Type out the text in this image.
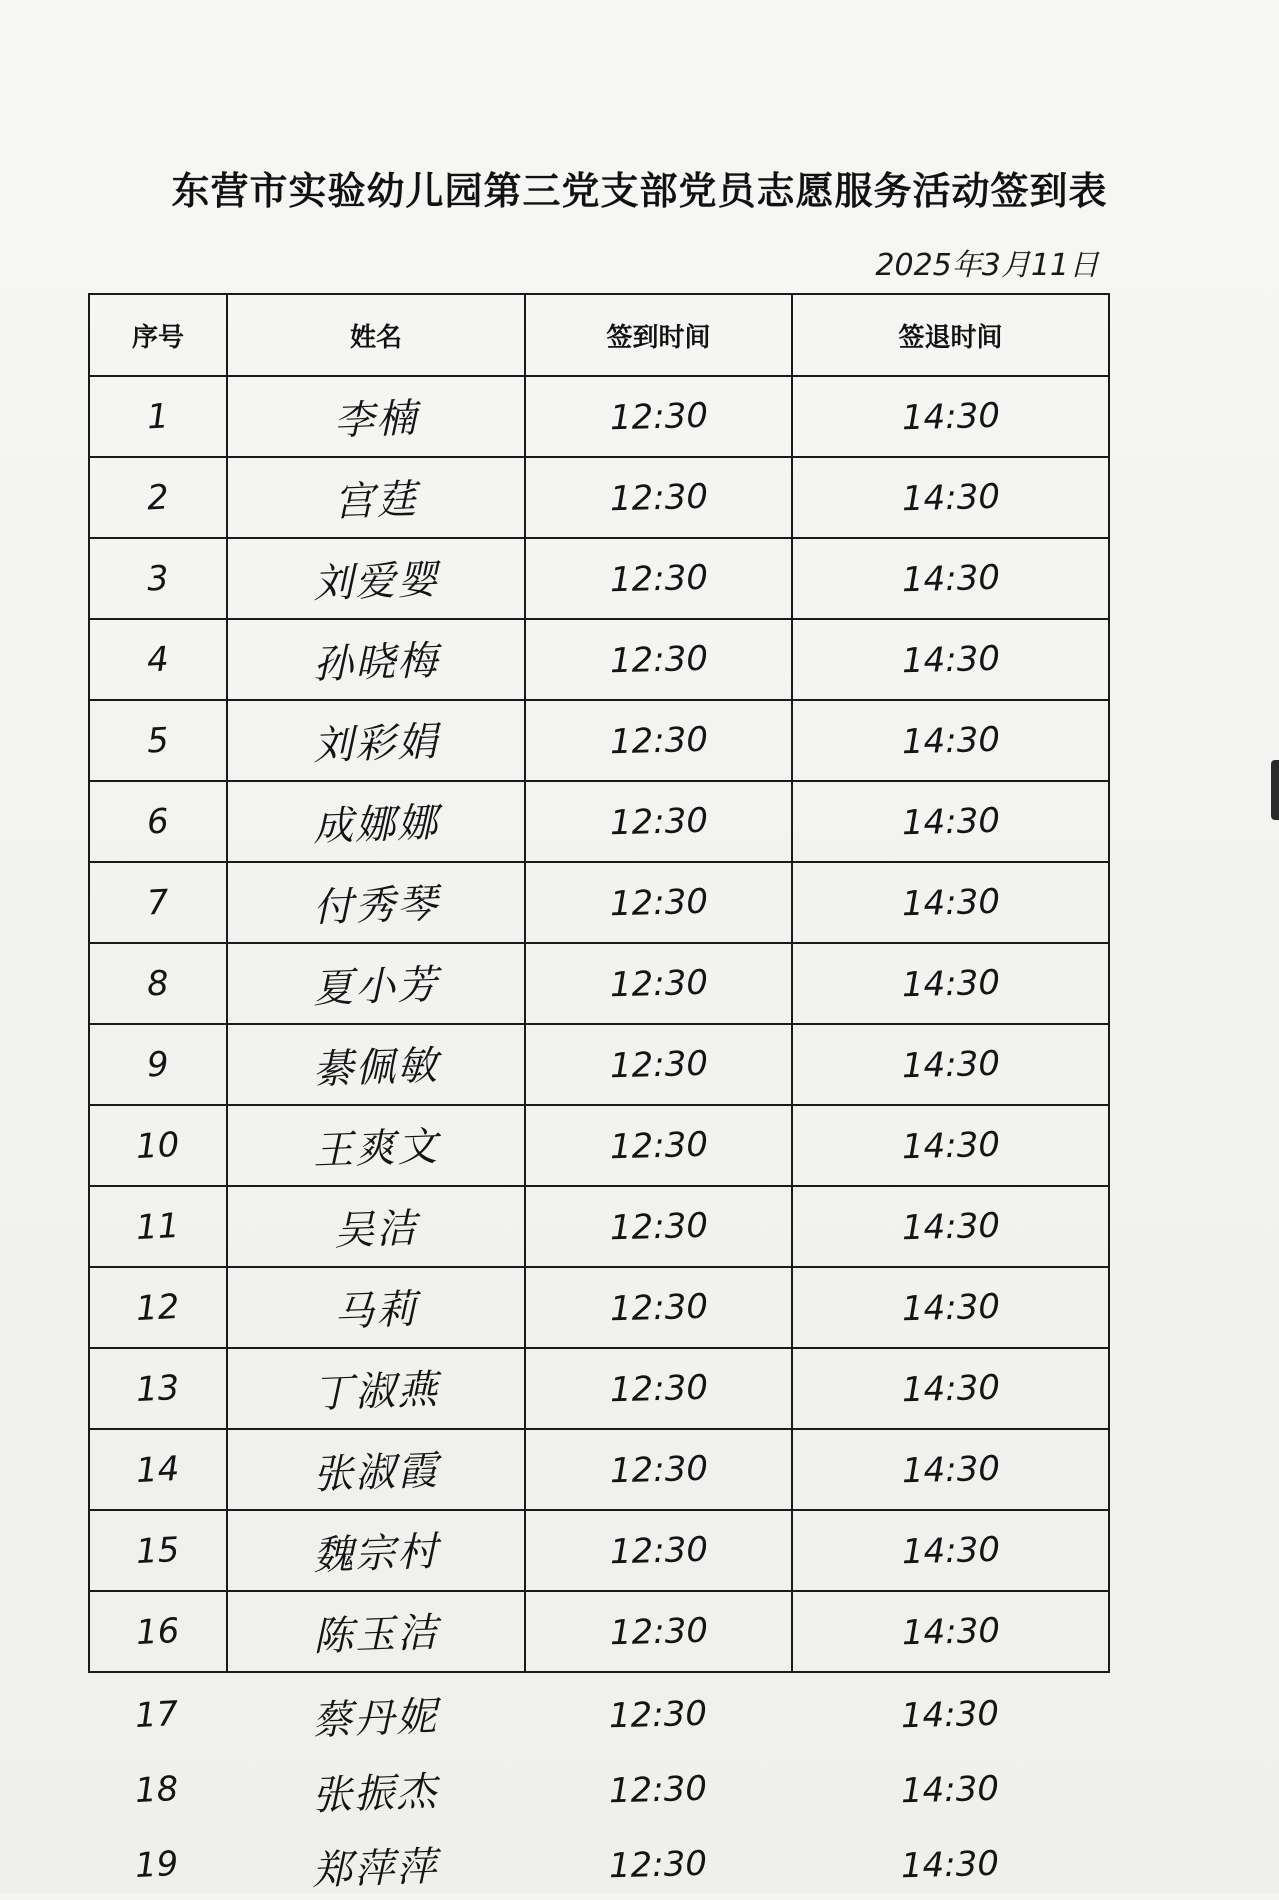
东营市实验幼儿园第三党支部党员志愿服务活动签到表
2025年3月11日
序号	姓名	签到时间	签退时间
1	李楠	12:30	14:30
2	宫莛	12:30	14:30
3	刘爱婴	12:30	14:30
4	孙晓梅	12:30	14:30
5	刘彩娟	12:30	14:30
6	成娜娜	12:30	14:30
7	付秀琴	12:30	14:30
8	夏小芳	12:30	14:30
9	綦佩敏	12:30	14:30
10	王爽文	12:30	14:30
11	吴洁	12:30	14:30
12	马莉	12:30	14:30
13	丁淑燕	12:30	14:30
14	张淑霞	12:30	14:30
15	魏宗村	12:30	14:30
16	陈玉洁	12:30	14:30
17	蔡丹妮	12:30	14:30
18	张振杰	12:30	14:30
19	郑萍萍	12:30	14:30
